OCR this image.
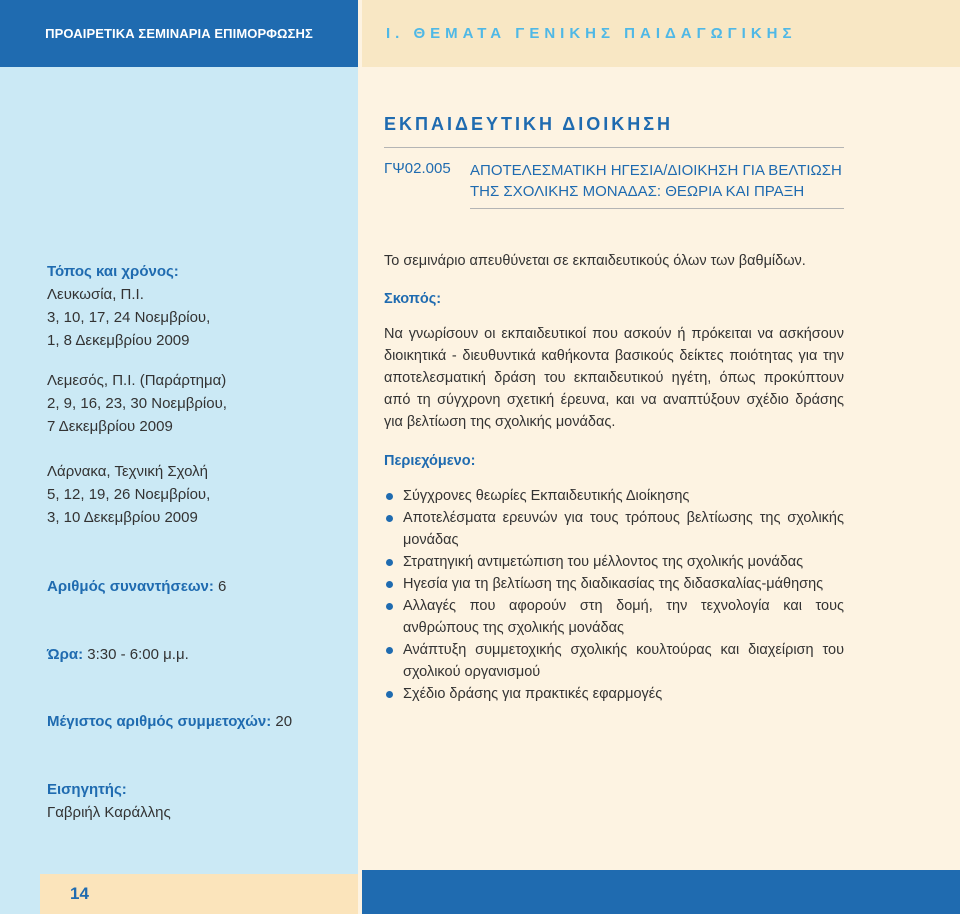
ΠΡΟΑΙΡΕΤΙΚΑ ΣΕΜΙΝΑΡΙΑ ΕΠΙΜΟΡΦΩΣΗΣ	Ι. ΘΕΜΑΤΑ ΓΕΝΙΚΗΣ ΠΑΙΔΑΓΩΓΙΚΗΣ
ΕΚΠΑΙΔΕΥΤΙΚΗ ΔΙΟΙΚΗΣΗ
ΓΨ02.005 ΑΠΟΤΕΛΕΣΜΑΤΙΚΗ ΗΓΕΣΙΑ/ΔΙΟΙΚΗΣΗ ΓΙΑ ΒΕΛΤΙΩΣΗ
ΤΗΣ ΣΧΟΛΙΚΗΣ ΜΟΝΑΔΑΣ: ΘΕΩΡΙΑ ΚΑΙ ΠΡΑΞΗ
Τόπος και χρόνος:
Λευκωσία, Π.Ι.
3, 10, 17, 24 Νοεμβρίου,
1, 8 Δεκεμβρίου 2009
Λεμεσός, Π.Ι. (Παράρτημα)
2, 9, 16, 23, 30 Νοεμβρίου,
7 Δεκεμβρίου 2009
Λάρνακα, Τεχνική Σχολή
5, 12, 19, 26 Νοεμβρίου,
3, 10 Δεκεμβρίου 2009
Αριθμός συναντήσεων: 6
Ώρα: 3:30 - 6:00 μ.μ.
Μέγιστος αριθμός συμμετοχών: 20
Εισηγητής:
Γαβριήλ Καράλλης
Το σεμινάριο απευθύνεται σε εκπαιδευτικούς όλων των βαθμίδων.
Σκοπός:
Να γνωρίσουν οι εκπαιδευτικοί που ασκούν ή πρόκειται να ασκήσουν διοικητικά - διευθυντικά καθήκοντα βασικούς δείκτες ποιότητας για την αποτελεσματική δράση του εκπαιδευτικού ηγέτη, όπως προκύπτουν από τη σύγχρονη σχετική έρευνα, και να αναπτύξουν σχέδιο δράσης για βελτίωση της σχολικής μονάδας.
Περιεχόμενο:
Σύγχρονες θεωρίες Εκπαιδευτικής Διοίκησης
Αποτελέσματα ερευνών για τους τρόπους βελτίωσης της σχολικής μονάδας
Στρατηγική αντιμετώπιση του μέλλοντος της σχολικής μονάδας
Ηγεσία για τη βελτίωση της διαδικασίας της διδασκαλίας-μάθησης
Αλλαγές που αφορούν στη δομή, την τεχνολογία και τους ανθρώπους της σχολικής μονάδας
Ανάπτυξη συμμετοχικής σχολικής κουλτούρας και διαχείριση του σχολικού οργανισμού
Σχέδιο δράσης για πρακτικές εφαρμογές
14
